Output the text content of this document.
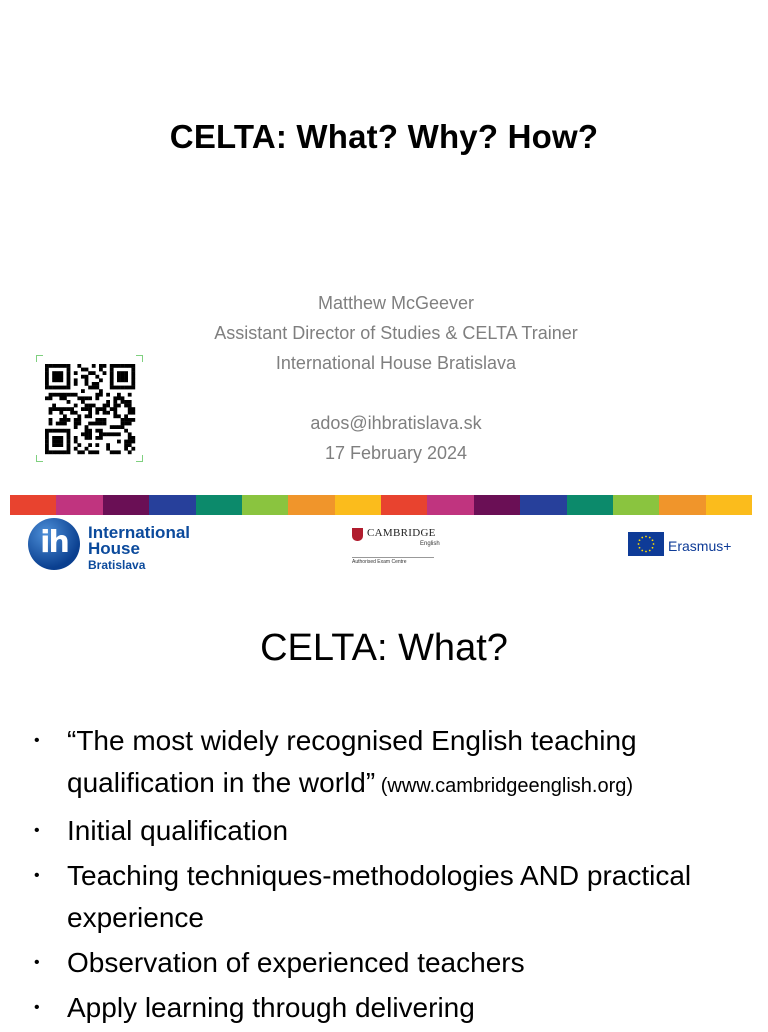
CELTA: What? Why? How?
Matthew McGeever
Assistant Director of Studies & CELTA Trainer
International House Bratislava
ados@ihbratislava.sk
17 February 2024
ih	International
House
Bratislava
CAMBRIDGE
English
Authorised Exam Centre
Erasmus+
CELTA: What?
• “The most widely recognised English teaching qualification in the world” (www.cambridgeenglish.org)
• Initial qualification
• Teaching techniques-methodologies AND practical experience
• Observation of experienced teachers
• Apply learning through delivering
